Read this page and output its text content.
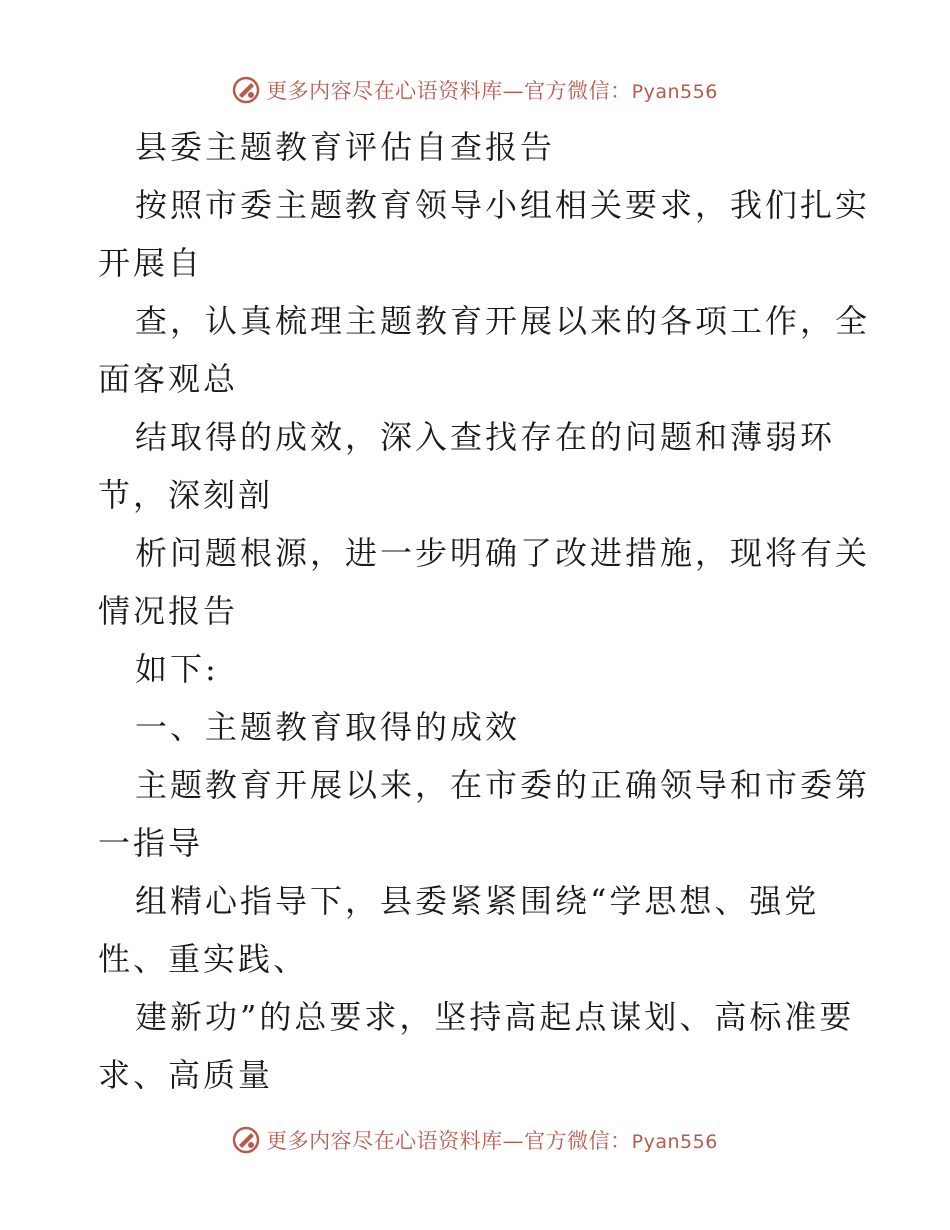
更多内容尽在心语资料库—官方微信：Pyan556
县委主题教育评估自查报告
按照市委主题教育领导小组相关要求，我们扎实
开展自
查，认真梳理主题教育开展以来的各项工作，全
面客观总
结取得的成效，深入查找存在的问题和薄弱环
节，深刻剖
析问题根源，进一步明确了改进措施，现将有关
情况报告
如下:
一、主题教育取得的成效
主题教育开展以来，在市委的正确领导和市委第
一指导
组精心指导下，县委紧紧围绕“学思想、强党
性、重实践、
建新功”的总要求，坚持高起点谋划、高标准要
求、高质量
更多内容尽在心语资料库—官方微信：Pyan556
